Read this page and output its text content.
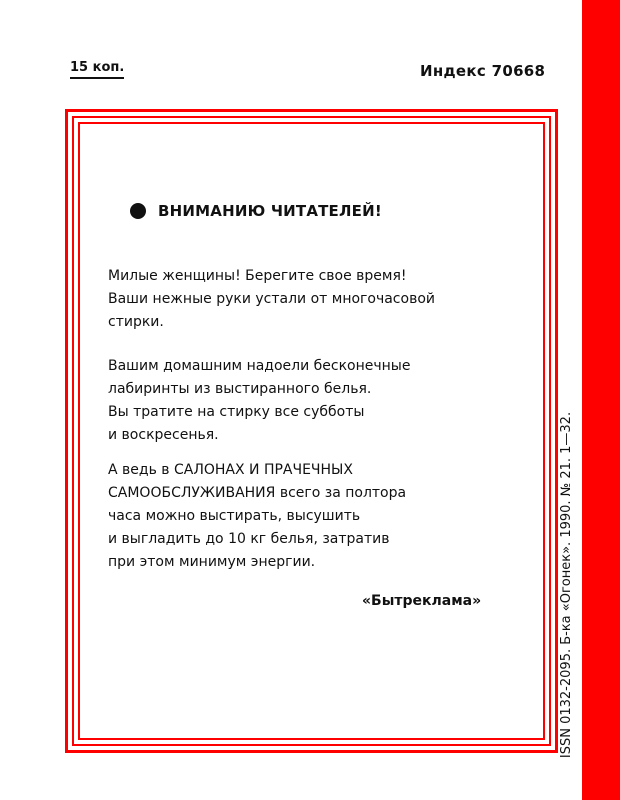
15 коп.	Индекс 70668
ВНИМАНИЮ ЧИТАТЕЛЕЙ!

Милые женщины! Берегите свое время!
Ваши нежные руки устали от многочасовой
стирки.

Вашим домашним надоели бесконечные
лабиринты из выстиранного белья.
Вы тратите на стирку все субботы
и воскресенья.

А ведь в САЛОНАХ И ПРАЧЕЧНЫХ
САМООБСЛУЖИВАНИЯ всего за полтора
часа можно выстирать, высушить
и выгладить до 10 кг белья, затратив
при этом минимум энергии.

«Бытреклама»	ISSN 0132-2095. Б-ка «Огонек». 1990. № 21. 1—32.
